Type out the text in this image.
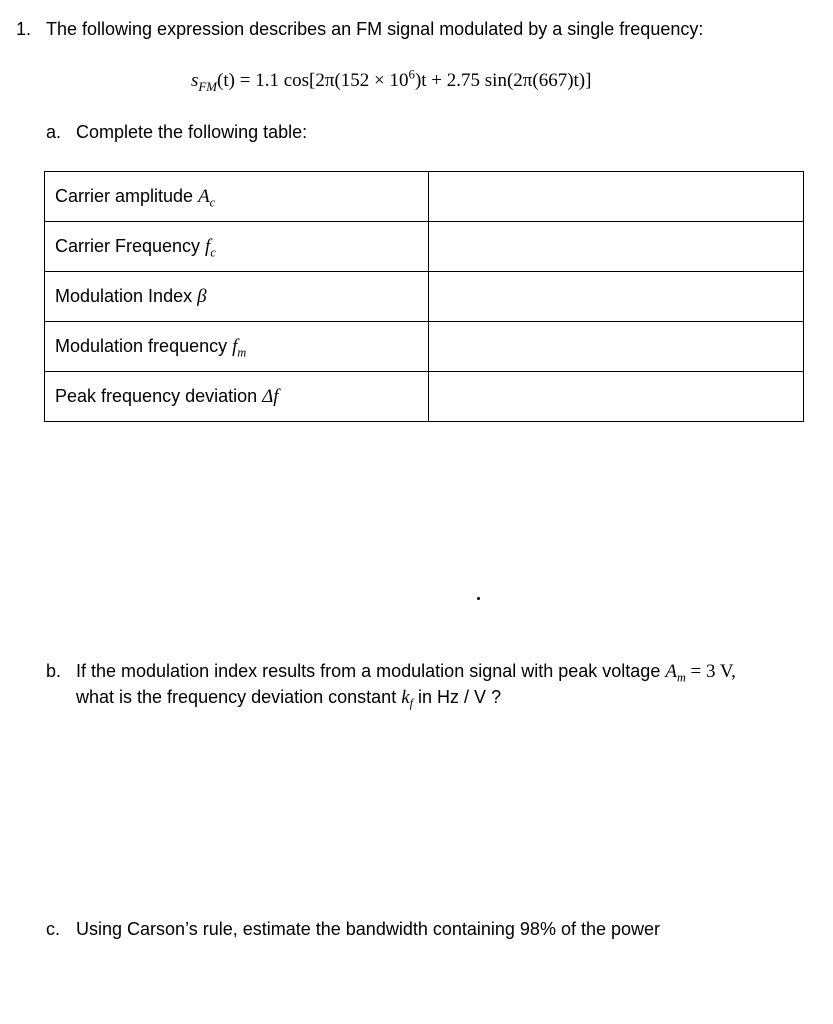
1. The following expression describes an FM signal modulated by a single frequency:
$s_{FM}(t) = 1.1$ $\cos[2\pi(152 \times 10^6)t + 2.75$ sin(2π(667)t)]
a. Complete the following table:
Carrier amplitude $A_c$	
Carrier Frequency $f_c$	
Modulation Index β	
Modulation frequency $f_m$	
Peak frequency deviation Δf	
b. If the modulation index results from a modulation signal with peak voltage $A_m = 3$ V,
what is the frequency deviation constant $k_f$ in Hz / V ?
c. Using Carson’s rule, estimate the bandwidth containing 98% of the power
